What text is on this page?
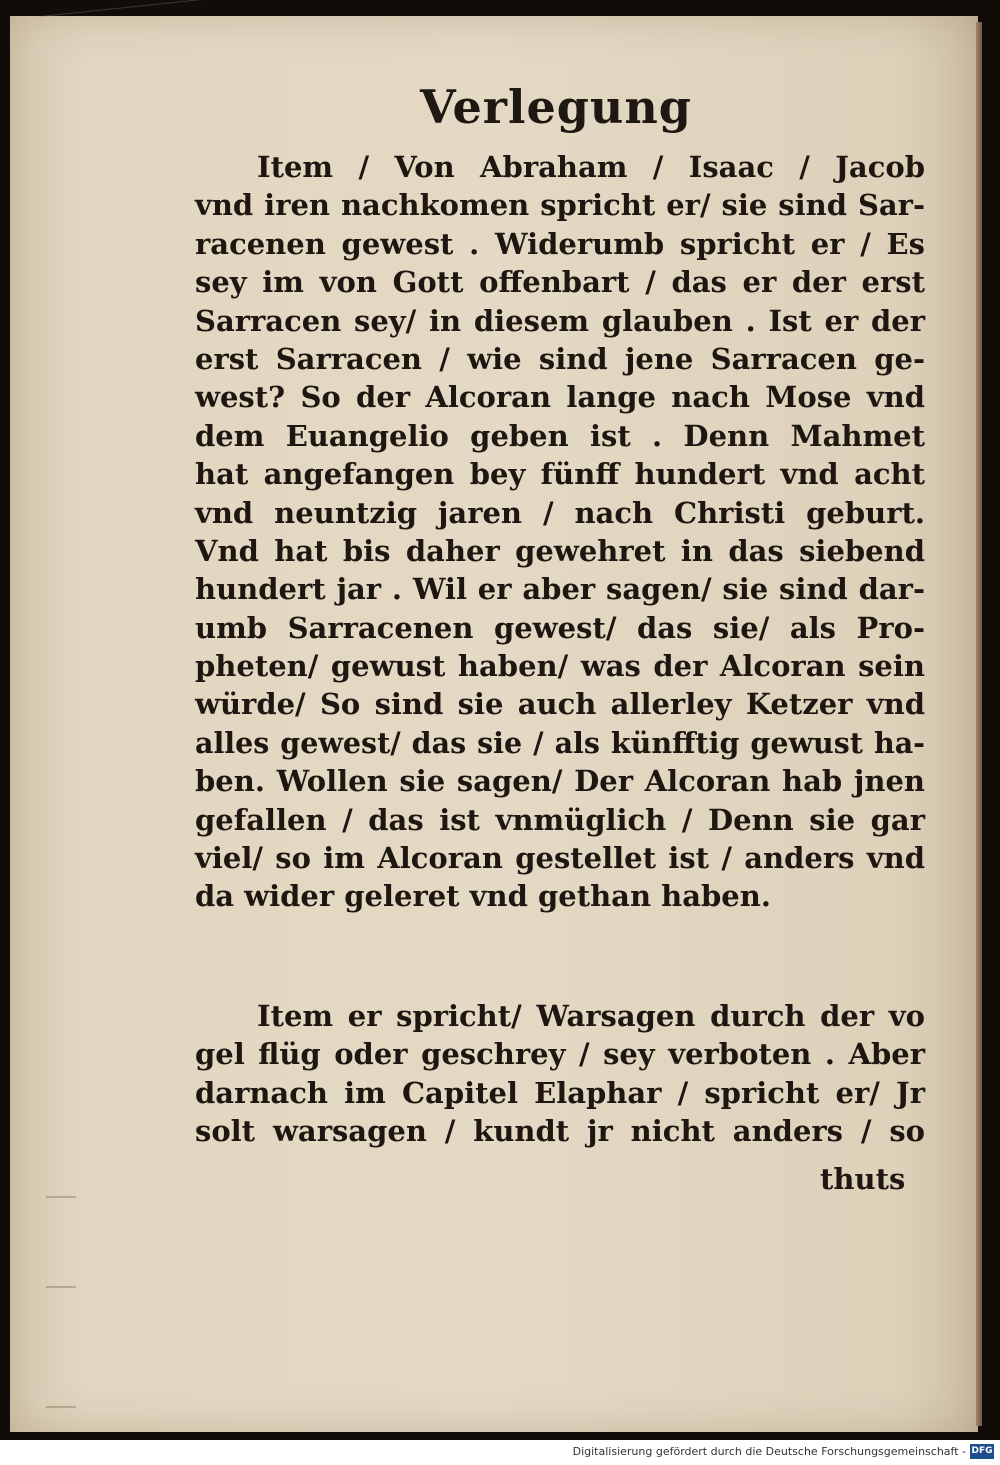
Verlegung
Item / Von Abraham / Isaac / Jacob
vnd iren nachkomen spricht er/ sie sind Sar-
racenen gewest . Widerumb spricht er / Es
sey im von Gott offenbart / das er der erst
Sarracen sey/ in diesem glauben . Ist er der
erst Sarracen / wie sind jene Sarracen ge-
west? So der Alcoran lange nach Mose vnd
dem Euangelio geben ist . Denn Mahmet
hat angefangen bey fünff hundert vnd acht
vnd neuntzig jaren / nach Christi geburt.
Vnd hat bis daher gewehret in das siebend
hundert jar . Wil er aber sagen/ sie sind dar-
umb Sarracenen gewest/ das sie/ als Pro-
pheten/ gewust haben/ was der Alcoran sein
würde/ So sind sie auch allerley Ketzer vnd
alles gewest/ das sie / als künfftig gewust ha-
ben. Wollen sie sagen/ Der Alcoran hab jnen
gefallen / das ist vnmüglich / Denn sie gar
viel/ so im Alcoran gestellet ist / anders vnd
da wider geleret vnd gethan haben.
Item er spricht/ Warsagen durch der vo
gel flüg oder geschrey / sey verboten . Aber
darnach im Capitel Elaphar / spricht er/ Jr
solt warsagen / kundt jr nicht anders / so
thuts
Digitalisierung gefördert durch die Deutsche Forschungsgemeinschaft - DFG
